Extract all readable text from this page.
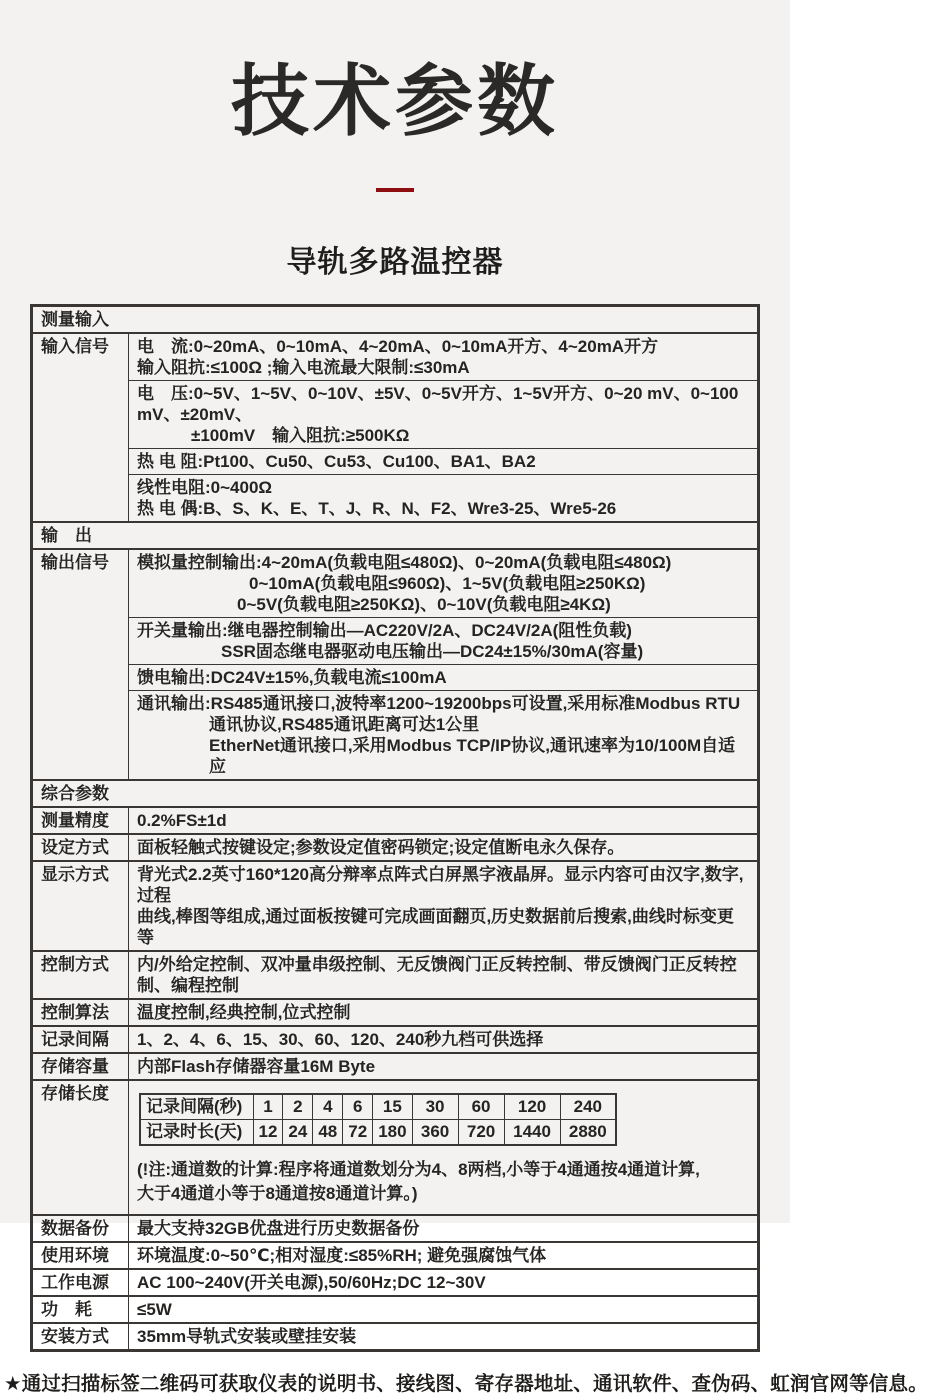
技术参数
导轨多路温控器
测量输入
输入信号	电　流:0~20mA、0~10mA、4~20mA、0~10mA开方、4~20mA开方
输入阻抗:≤100Ω ;输入电流最大限制:≤30mA

电　压:0~5V、1~5V、0~10V、±5V、0~5V开方、1~5V开方、0~20 mV、0~100mV、±20mV、
±100mV　输入阻抗:≥500KΩ

热 电 阻:Pt100、Cu50、Cu53、Cu100、BA1、BA2

线性电阻:0~400Ω
热 电 偶:B、S、K、E、T、J、R、N、F2、Wre3-25、Wre5-26

输　出
输出信号	模拟量控制输出:4~20mA(负载电阻≤480Ω)、0~20mA(负载电阻≤480Ω)
0~10mA(负载电阻≤960Ω)、1~5V(负载电阻≥250KΩ)
0~5V(负载电阻≥250KΩ)、0~10V(负载电阻≥4KΩ)

开关量输出:继电器控制输出—AC220V/2A、DC24V/2A(阻性负载)
SSR固态继电器驱动电压输出—DC24±15%/30mA(容量)

馈电输出:DC24V±15%,负载电流≤100mA

通讯输出:RS485通讯接口,波特率1200~19200bps可设置,采用标准Modbus RTU
通讯协议,RS485通讯距离可达1公里
EtherNet通讯接口,采用Modbus TCP/IP协议,通讯速率为10/100M自适应

综合参数
测量精度	0.2%FS±1d
设定方式	面板轻触式按键设定;参数设定值密码锁定;设定值断电永久保存。
显示方式	背光式2.2英寸160*120高分辩率点阵式白屏黑字液晶屏。显示内容可由汉字,数字,过程
曲线,棒图等组成,通过面板按键可完成画面翻页,历史数据前后搜索,曲线时标变更等

控制方式	内/外给定控制、双冲量串级控制、无反馈阀门正反转控制、带反馈阀门正反转控制、编程控制
控制算法	温度控制,经典控制,位式控制
记录间隔	1、2、4、6、15、30、60、120、240秒九档可供选择
存储容量	内部Flash存储器容量16M Byte
存储长度	
记录间隔(秒)	1	2	4	6	15	30	60	120	240
记录时长(天)	12	24	48	72	180	360	720	1440	2880
(!注:通道数的计算:程序将通道数划分为4、8两档,小等于4通通按4通道计算,
大于4通道小等于8通道按8通道计算。)

数据备份	最大支持32GB优盘进行历史数据备份
使用环境	环境温度:0~50℃;相对湿度:≤85%RH; 避免强腐蚀气体
工作电源	AC 100~240V(开关电源),50/60Hz;DC 12~30V
功　耗	≤5W
安装方式	35mm导轨式安装或壁挂安装
★通过扫描标签二维码可获取仪表的说明书、接线图、寄存器地址、通讯软件、查伪码、虹润官网等信息。
